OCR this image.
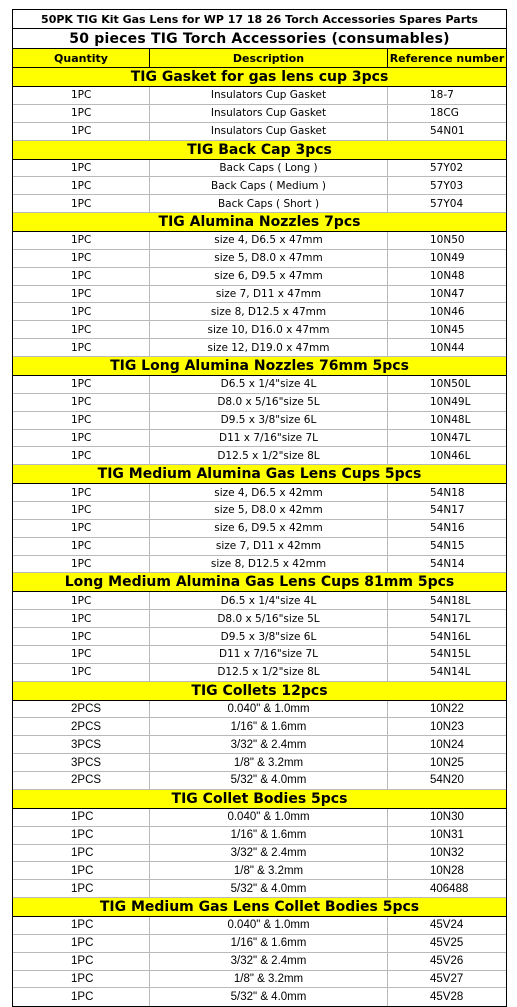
50PK TIG Kit Gas Lens for WP 17 18 26 Torch Accessories Spares Parts
50 pieces TIG Torch Accessories (consumables)
Quantity	Description	Reference number
TIG Gasket for gas lens cup 3pcs
1PC	Insulators Cup Gasket	18-7
1PC	Insulators Cup Gasket	18CG
1PC	Insulators Cup Gasket	54N01
TIG Back Cap 3pcs
1PC	Back Caps ( Long )	57Y02
1PC	Back Caps ( Medium )	57Y03
1PC	Back Caps ( Short )	57Y04
TIG Alumina Nozzles 7pcs
1PC	size 4, D6.5 x 47mm	10N50
1PC	size 5, D8.0 x 47mm	10N49
1PC	size 6, D9.5 x 47mm	10N48
1PC	size 7, D11 x 47mm	10N47
1PC	size 8, D12.5 x 47mm	10N46
1PC	size 10, D16.0 x 47mm	10N45
1PC	size 12, D19.0 x 47mm	10N44
TIG Long Alumina Nozzles 76mm 5pcs
1PC	D6.5 x 1/4"size 4L	10N50L
1PC	D8.0 x 5/16"size 5L	10N49L
1PC	D9.5 x 3/8"size 6L	10N48L
1PC	D11 x 7/16"size 7L	10N47L
1PC	D12.5 x 1/2"size 8L	10N46L
TIG Medium Alumina Gas Lens Cups 5pcs
1PC	size 4, D6.5 x 42mm	54N18
1PC	size 5, D8.0 x 42mm	54N17
1PC	size 6, D9.5 x 42mm	54N16
1PC	size 7, D11 x 42mm	54N15
1PC	size 8, D12.5 x 42mm	54N14
Long Medium Alumina Gas Lens Cups 81mm 5pcs
1PC	D6.5 x 1/4"size 4L	54N18L
1PC	D8.0 x 5/16"size 5L	54N17L
1PC	D9.5 x 3/8"size 6L	54N16L
1PC	D11 x 7/16"size 7L	54N15L
1PC	D12.5 x 1/2"size 8L	54N14L
TIG Collets 12pcs
2PCS	0.040" & 1.0mm	10N22
2PCS	1/16" & 1.6mm	10N23
3PCS	3/32" & 2.4mm	10N24
3PCS	1/8" & 3.2mm	10N25
2PCS	5/32" & 4.0mm	54N20
TIG Collet Bodies 5pcs
1PC	0.040" & 1.0mm	10N30
1PC	1/16" & 1.6mm	10N31
1PC	3/32" & 2.4mm	10N32
1PC	1/8" & 3.2mm	10N28
1PC	5/32" & 4.0mm	406488
TIG Medium Gas Lens Collet Bodies 5pcs
1PC	0.040" & 1.0mm	45V24
1PC	1/16" & 1.6mm	45V25
1PC	3/32" & 2.4mm	45V26
1PC	1/8" & 3.2mm	45V27
1PC	5/32" & 4.0mm	45V28
